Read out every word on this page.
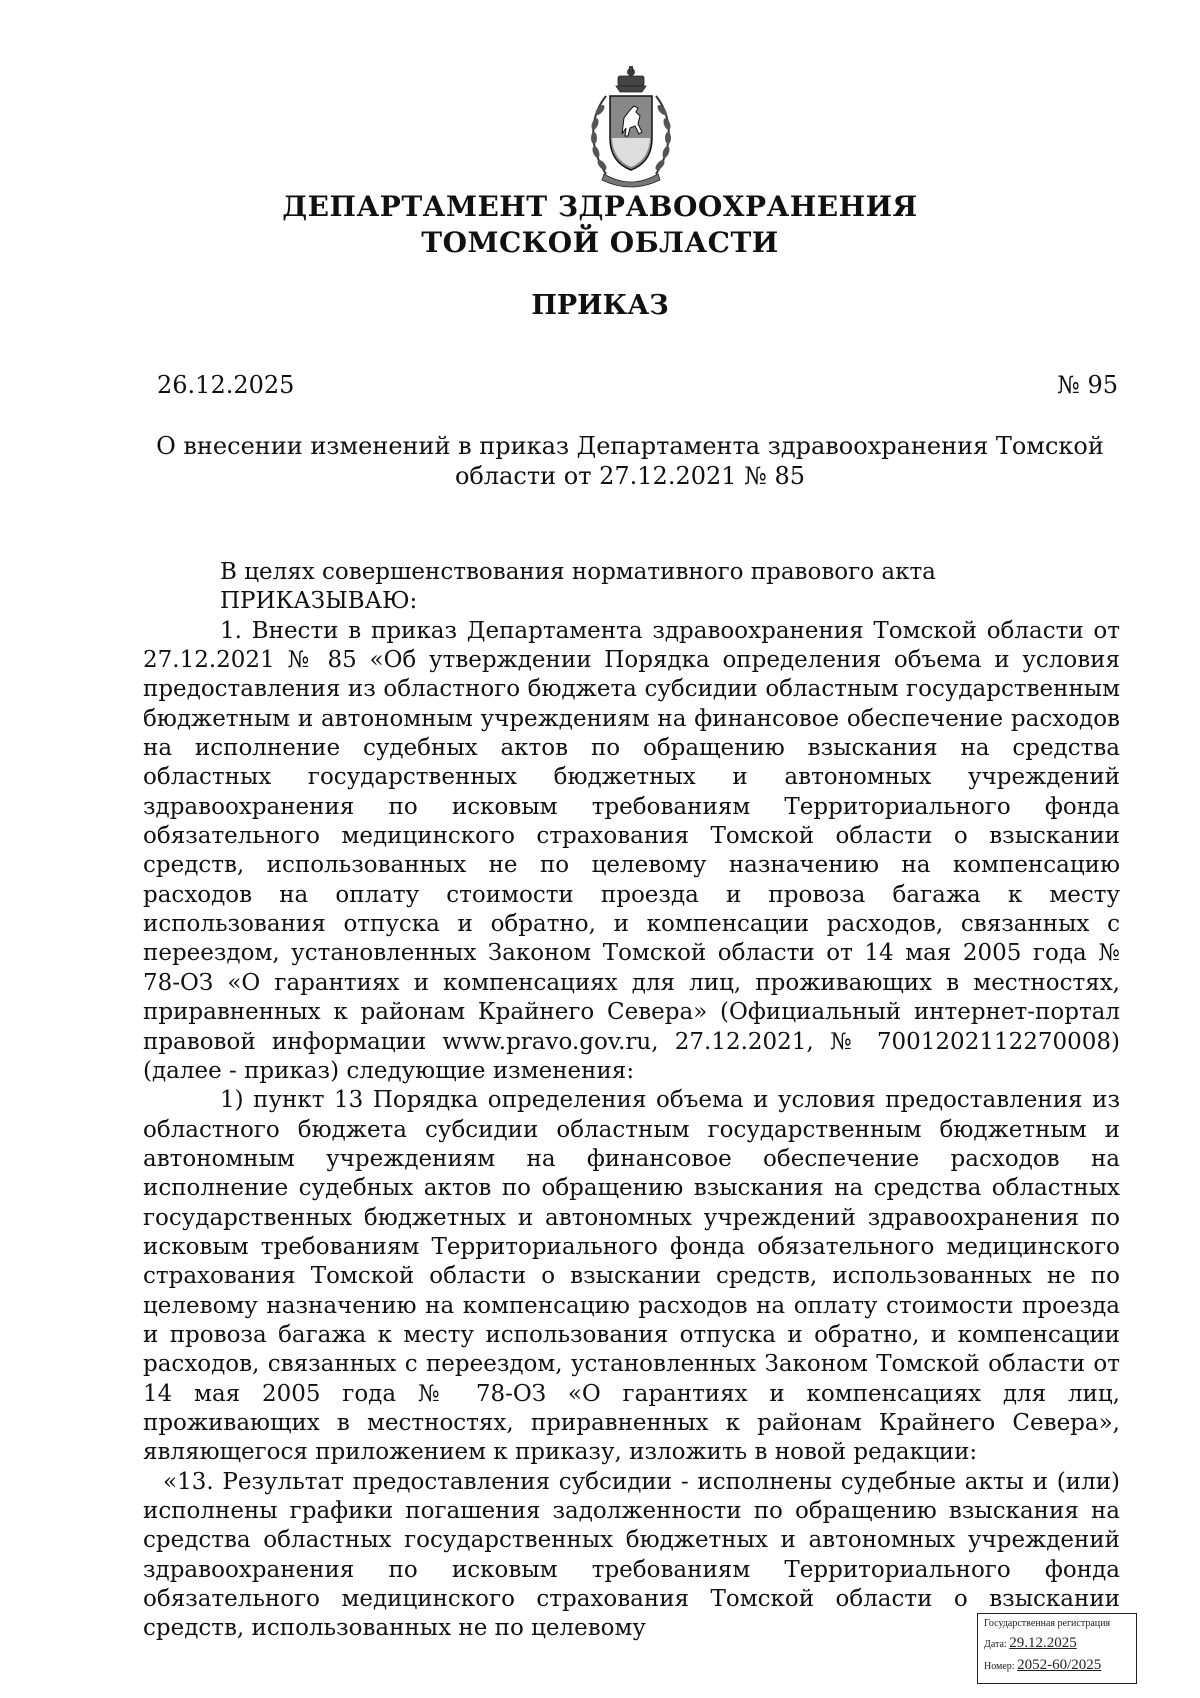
ДЕПАРТАМЕНТ ЗДРАВООХРАНЕНИЯ
ТОМСКОЙ ОБЛАСТИ
ПРИКАЗ
26.12.2025	№ 95

О внесении изменений в приказ Департамента здравоохранения Томской области от 27.12.2021 № 85

В целях совершенствования нормативного правового акта

ПРИКАЗЫВАЮ:

1. Внести в приказ Департамента здравоохранения Томской области от 27.12.2021 № 85 «Об утверждении Порядка определения объема и условия предоставления из областного бюджета субсидии областным государственным бюджетным и автономным учреждениям на финансовое обеспечение расходов на исполнение судебных актов по обращению взыскания на средства областных государственных бюджетных и автономных учреждений здравоохранения по исковым требованиям Территориального фонда обязательного медицинского страхования Томской области о взыскании средств, использованных не по целевому назначению на компенсацию расходов на оплату стоимости проезда и провоза багажа к месту использования отпуска и обратно, и компенсации расходов, связанных с переездом, установленных Законом Томской области от 14 мая 2005 года № 78-ОЗ «О гарантиях и компенсациях для лиц, проживающих в местностях, приравненных к районам Крайнего Севера» (Официальный интернет-портал правовой информации www.pravo.gov.ru, 27.12.2021, № 7001202112270008) (далее - приказ) следующие изменения:

1) пункт 13 Порядка определения объема и условия предоставления из областного бюджета субсидии областным государственным бюджетным и автономным учреждениям на финансовое обеспечение расходов на исполнение судебных актов по обращению взыскания на средства областных государственных бюджетных и автономных учреждений здравоохранения по исковым требованиям Территориального фонда обязательного медицинского страхования Томской области о взыскании средств, использованных не по целевому назначению на компенсацию расходов на оплату стоимости проезда и провоза багажа к месту использования отпуска и обратно, и компенсации расходов, связанных с переездом, установленных Законом Томской области от 14 мая 2005 года № 78-ОЗ «О гарантиях и компенсациях для лиц, проживающих в местностях, приравненных к районам Крайнего Севера», являющегося приложением к приказу, изложить в новой редакции:

«13. Результат предоставления субсидии - исполнены судебные акты и (или) исполнены графики погашения задолженности по обращению взыскания на средства областных государственных бюджетных и автономных учреждений здравоохранения по исковым требованиям Территориального фонда обязательного медицинского страхования Томской области о взыскании средств, использованных не по целевому	Государственная регистрация
Дата: 29.12.2025
Номер: 2052-60/2025
